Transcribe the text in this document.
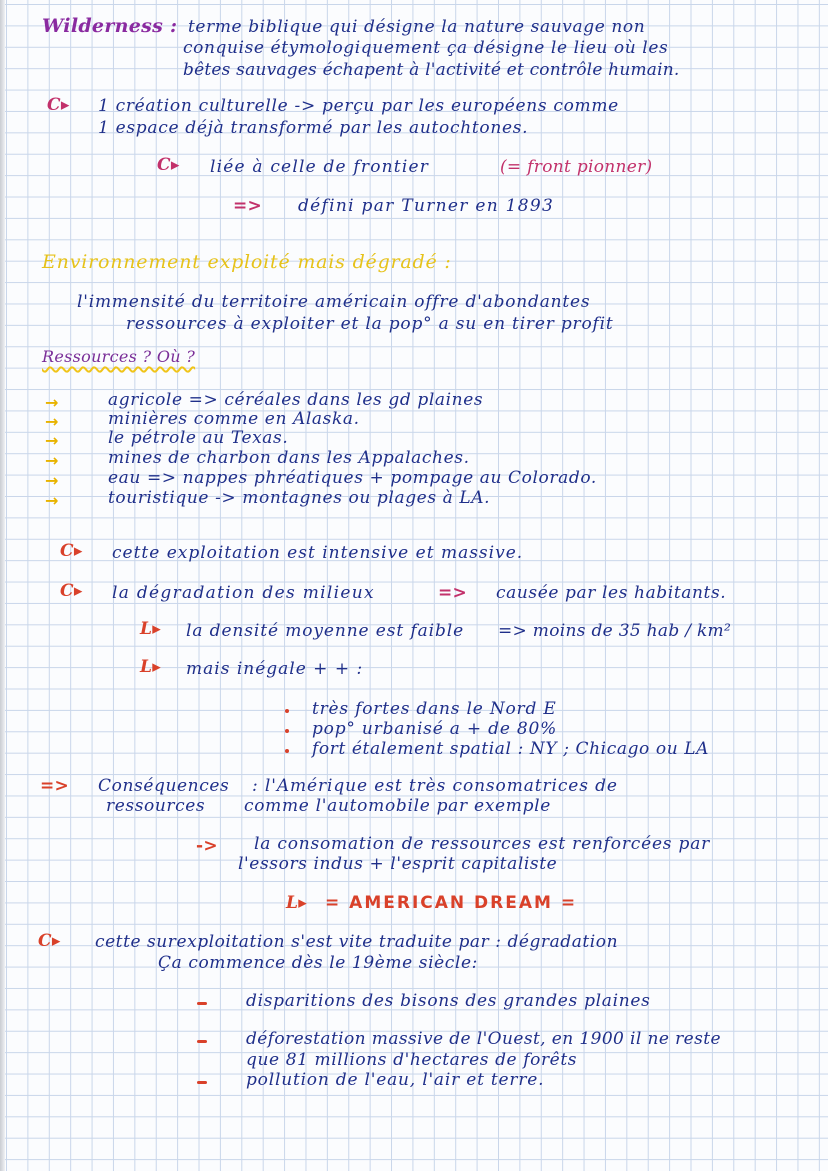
Wilderness : terme biblique qui désigne la nature sauvage non
conquise étymologiquement ça désigne le lieu où les
bêtes sauvages échapent à l'activité et contrôle humain.
C▸ 1 création culturelle -> perçu par les européens comme
1 espace déjà transformé par les autochtones.
C▸ liée à celle de frontier	(= front pionner)
=> défini par Turner en 1893
Environnement exploité mais dégradé :
l'immensité du territoire américain offre d'abondantes
ressources à exploiter et la pop° a su en tirer profit
Ressources ? Où ?
→	agricole => céréales dans les gd plaines
→	minières comme en Alaska.
→	le pétrole au Texas.
→	mines de charbon dans les Appalaches.
→	eau => nappes phréatiques + pompage au Colorado.
→	touristique -> montagnes ou plages à LA.
C▸ cette exploitation est intensive et massive.
C▸ la dégradation des milieux	=> causée par les habitants.
L▸ la densité moyenne est faible => moins de 35 hab / km²
L▸ mais inégale + + :
très fortes dans le Nord E
pop° urbanisé a + de 80%
fort étalement spatial : NY ; Chicago ou LA
=> Conséquences
ressources
: l'Amérique est très consomatrices de
comme l'automobile par exemple
-> la consomation de ressources est renforcées par
l'essors indus + l'esprit capitaliste
L▸ = AMERICAN DREAM =
C▸ cette surexploitation s'est vite traduite par : dégradation
Ça commence dès le 19ème siècle:
disparitions des bisons des grandes plaines
déforestation massive de l'Ouest, en 1900 il ne reste
que 81 millions d'hectares de forêts
pollution de l'eau, l'air et terre.
